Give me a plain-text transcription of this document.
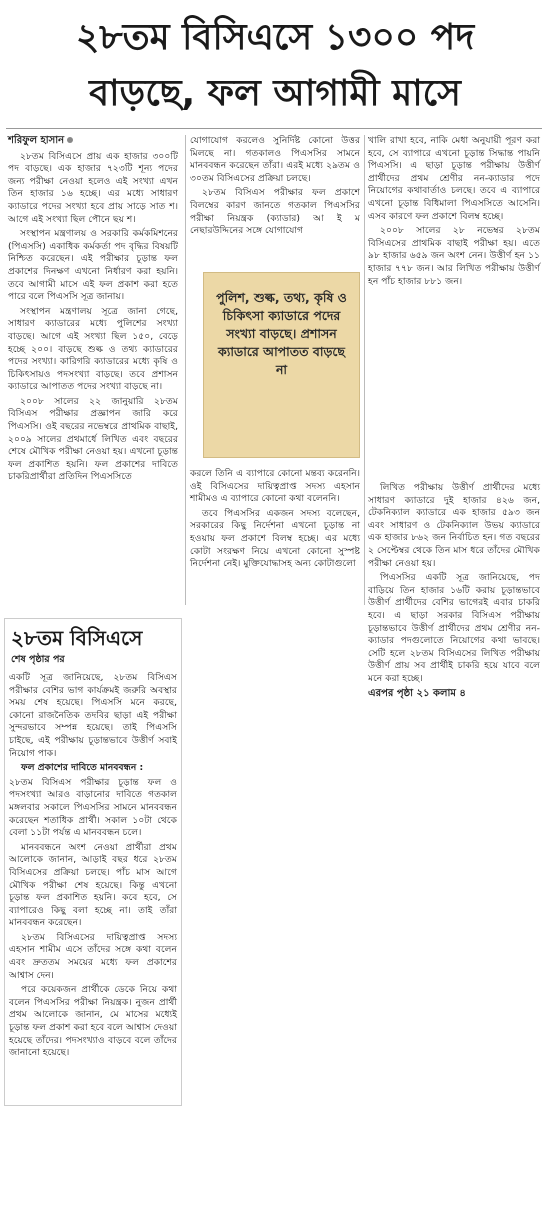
২৮তম বিসিএসে ১৩০০ পদ
বাড়ছে, ফল আগামী মাসে
শরিফুল হাসান

২৮তম বিসিএসে প্রায় এক হাজার ৩০০টি পদ বাড়ছে। এক হাজার ৭২৩টি শূন্য পদের জন্য পরীক্ষা নেওয়া হলেও এই সংখ্যা এখন তিন হাজার ১৬ হচ্ছে। এর মধ্যে সাধারণ ক্যাডারে পদের সংখ্যা হবে প্রায় সাড়ে সাত শ। আগে এই সংখ্যা ছিল পৌনে ছয় শ।

সংস্থাপন মন্ত্রণালয় ও সরকারি কর্মকমিশনের (পিএসসি) একাধিক কর্মকর্তা পদ বৃদ্ধির বিষয়টি নিশ্চিত করেছেন। এই পরীক্ষার চূড়ান্ত ফল প্রকাশের দিনক্ষণ এখনো নির্ধারণ করা হয়নি। তবে আগামী মাসে এই ফল প্রকাশ করা হতে পারে বলে পিএসসি সূত্র জানায়।

সংস্থাপন মন্ত্রণালয় সূত্রে জানা গেছে, সাধারণ ক্যাডারের মধ্যে পুলিশের সংখ্যা বাড়ছে। আগে এই সংখ্যা ছিল ১৫০, বেড়ে হচ্ছে ২০০। বাড়ছে শুল্ক ও তথ্য ক্যাডারের পদের সংখ্যা। কারিগরি ক্যাডারের মধ্যে কৃষি ও চিকিৎসায়ও পদসংখ্যা বাড়ছে। তবে প্রশাসন ক্যাডারে আপাতত পদের সংখ্যা বাড়ছে না।

২০০৮ সালের ২২ জানুয়ারি ২৮তম বিসিএস পরীক্ষার প্রজ্ঞাপন জারি করে পিএসসি। ওই বছরের নভেম্বরে প্রাথমিক বাছাই, ২০০৯ সালের প্রথমার্ধে লিখিত এবং বছরের শেষে মৌখিক পরীক্ষা নেওয়া হয়। এখনো চূড়ান্ত ফল প্রকাশিত হয়নি। ফল প্রকাশের দাবিতে চাকরিপ্রার্থীরা প্রতিদিন পিএসসিতে

যোগাযোগ করলেও সুনির্দিষ্ট কোনো উত্তর মিলছে না। গতকালও পিএসসির সামনে মানববন্ধন করেছেন তাঁরা। এরই মধ্যে ২৯তম ও ৩০তম বিসিএসের প্রক্রিয়া চলছে।

২৮তম বিসিএস পরীক্ষার ফল প্রকাশে বিলম্বের কারণ জানতে গতকাল পিএসসির পরীক্ষা নিয়ন্ত্রক (ক্যাডার) আ ই ম নেছারউদ্দিনের সঙ্গে যোগাযোগ

পুলিশ, শুল্ক, তথ্য, কৃষি ও চিকিৎসা ক্যাডারে পদের সংখ্যা বাড়ছে। প্রশাসন ক্যাডারে আপাতত বাড়ছে না

করলে তিনি এ ব্যাপারে কোনো মন্তব্য করেননি। ওই বিসিএসের দায়িত্বপ্রাপ্ত সদস্য এহসান শামীমও এ ব্যাপারে কোনো কথা বলেননি।

তবে পিএসসির একজন সদস্য বলেছেন, সরকারের কিছু নির্দেশনা এখনো চূড়ান্ত না হওয়ায় ফল প্রকাশে বিলম্ব হচ্ছে। এর মধ্যে কোটা সংরক্ষণ নিয়ে এখনো কোনো সুস্পষ্ট নির্দেশনা নেই। মুক্তিযোদ্ধাসহ অন্য কোটাগুলো

খালি রাখা হবে, নাকি মেধা অনুযায়ী পূরণ করা হবে, সে ব্যাপারে এখনো চূড়ান্ত সিদ্ধান্ত পায়নি পিএসসি। এ ছাড়া চূড়ান্ত পরীক্ষায় উত্তীর্ণ প্রার্থীদের প্রথম শ্রেণীর নন-ক্যাডার পদে নিয়োগের কথাবার্তাও চলছে। তবে এ ব্যাপারে এখনো চূড়ান্ত বিধিমালা পিএসসিতে আসেনি। এসব কারণে ফল প্রকাশে বিলম্ব হচ্ছে।

২০০৮ সালের ২৮ নভেম্বর ২৮তম বিসিএসের প্রাথমিক বাছাই পরীক্ষা হয়। এতে ৯৮ হাজার ৬৫৯ জন অংশ নেন। উত্তীর্ণ হন ১১ হাজার ৭৭৮ জন। আর লিখিত পরীক্ষায় উত্তীর্ণ হন পাঁচ হাজার ৮৮১ জন।

লিখিত পরীক্ষায় উত্তীর্ণ প্রার্থীদের মধ্যে সাধারণ ক্যাডারে দুই হাজার ৪২৬ জন, টেকনিক্যাল ক্যাডারে এক হাজার ৫৯৩ জন এবং সাধারণ ও টেকনিক্যাল উভয় ক্যাডারে এক হাজার ৮৬২ জন নির্বাচিত হন। গত বছরের ২ সেপ্টেম্বর থেকে তিন মাস ধরে তাঁদের মৌখিক পরীক্ষা নেওয়া হয়।

পিএসসির একটি সূত্র জানিয়েছে, পদ বাড়িয়ে তিন হাজার ১৬টি করায় চূড়ান্তভাবে উত্তীর্ণ প্রার্থীদের বেশির ভাগেরই এবার চাকরি হবে। এ ছাড়া সরকার বিসিএস পরীক্ষায় চূড়ান্তভাবে উত্তীর্ণ প্রার্থীদের প্রথম শ্রেণীর নন-ক্যাডার পদগুলোতে নিয়োগের কথা ভাবছে। সেটি হলে ২৮তম বিসিএসের লিখিত পরীক্ষায় উত্তীর্ণ প্রায় সব প্রার্থীই চাকরি হয়ে যাবে বলে মনে করা হচ্ছে।

এরপর পৃষ্ঠা ২১ কলাম ৪
২৮তম বিসিএসে
শেষ পৃষ্ঠার পর

একটি সূত্র জানিয়েছে, ২৮তম বিসিএস পরীক্ষার বেশির ভাগ কার্যক্রমই জরুরি অবস্থার সময় শেষ হয়েছে। পিএসসি মনে করছে, কোনো রাজনৈতিক তদবির ছাড়া এই পরীক্ষা সুন্দরভাবে সম্পন্ন হয়েছে। তাই পিএসসি চাইছে, এই পরীক্ষায় চূড়ান্তভাবে উত্তীর্ণ সবাই নিয়োগ পাক।

ফল প্রকাশের দাবিতে মানববন্ধন :

২৮তম বিসিএস পরীক্ষার চূড়ান্ত ফল ও পদসংখ্যা আরও বাড়ানোর দাবিতে গতকাল মঙ্গলবার সকালে পিএসসির সামনে মানববন্ধন করেছেন শতাধিক প্রার্থী। সকাল ১০টা থেকে বেলা ১১টা পর্যন্ত এ মানববন্ধন চলে।

মানববন্ধনে অংশ নেওয়া প্রার্থীরা প্রথম আলোকে জানান, আড়াই বছর ধরে ২৮তম বিসিএসের প্রক্রিয়া চলছে। পাঁচ মাস আগে মৌখিক পরীক্ষা শেষ হয়েছে। কিন্তু এখনো চূড়ান্ত ফল প্রকাশিত হয়নি। কবে হবে, সে ব্যাপারেও কিছু বলা হচ্ছে না। তাই তাঁরা মানববন্ধন করেছেন।

২৮তম বিসিএসের দায়িত্বপ্রাপ্ত সদস্য এহসান শামীম এসে তাঁদের সঙ্গে কথা বলেন এবং দ্রুততম সময়ের মধ্যে ফল প্রকাশের আশ্বাস দেন।

পরে কয়েকজন প্রার্থীকে ডেকে নিয়ে কথা বলেন পিএসসির পরীক্ষা নিয়ন্ত্রক। নুজন প্রার্থী প্রথম আলোকে জানান, মে মাসের মধ্যেই চূড়ান্ত ফল প্রকাশ করা হবে বলে আশ্বাস দেওয়া হয়েছে তাঁদের। পদসংখ্যাও বাড়বে বলে তাঁদের জানানো হয়েছে।
